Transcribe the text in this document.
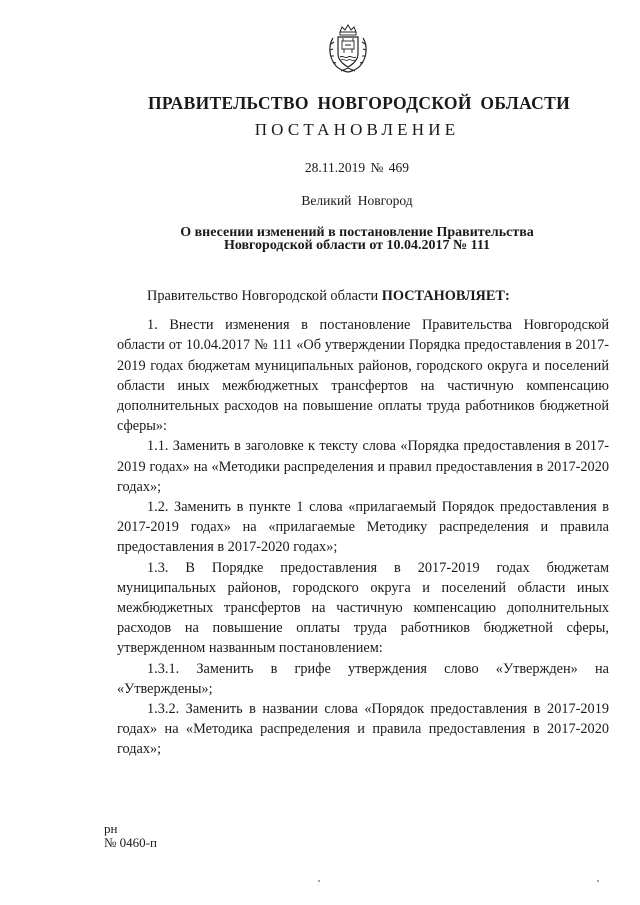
ПРАВИТЕЛЬСТВО НОВГОРОДСКОЙ ОБЛАСТИ
ПОСТАНОВЛЕНИЕ
28.11.2019 № 469
Великий Новгород
О внесении изменений в постановление Правительства
Новгородской области от 10.04.2017 № 111

Правительство Новгородской области ПОСТАНОВЛЯЕТ:

1. Внести изменения в постановление Правительства Новгородской области от 10.04.2017 № 111 «Об утверждении Порядка предоставления в 2017-2019 годах бюджетам муниципальных районов, городского округа и поселений области иных межбюджетных трансфертов на частичную компенсацию дополнительных расходов на повышение оплаты труда работников бюджетной сферы»:

1.1. Заменить в заголовке к тексту слова «Порядка предоставления в 2017-2019 годах» на «Методики распределения и правил предоставления в 2017-2020 годах»;

1.2. Заменить в пункте 1 слова «прилагаемый Порядок предоставления в 2017-2019 годах» на «прилагаемые Методику распределения и правила предоставления в 2017-2020 годах»;

1.3. В Порядке предоставления в 2017-2019 годах бюджетам муниципальных районов, городского округа и поселений области иных межбюджетных трансфертов на частичную компенсацию дополнительных расходов на повышение оплаты труда работников бюджетной сферы, утвержденном названным постановлением:

1.3.1. Заменить в грифе утверждения слово «Утвержден» на «Утверждены»;

1.3.2. Заменить в названии слова «Порядок предоставления в 2017-2019 годах» на «Методика распределения и правила предоставления в 2017-2020 годах»;

рн
№ 0460-п
